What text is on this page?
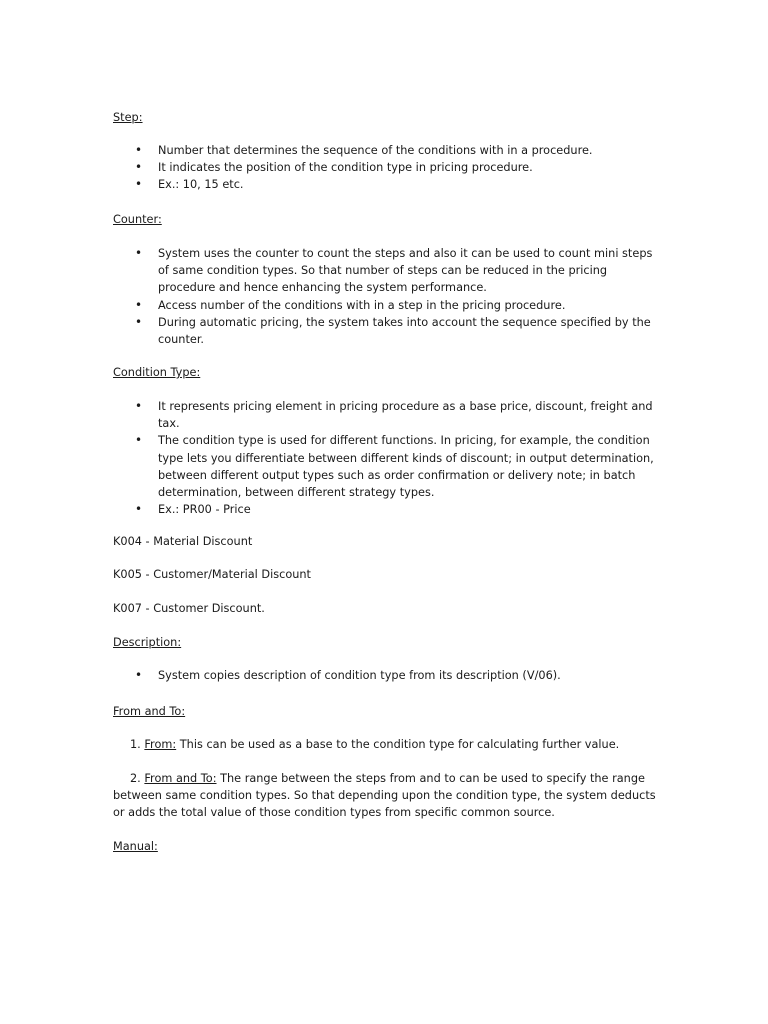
Step:
• Number that determines the sequence of the conditions with in a procedure.
• It indicates the position of the condition type in pricing procedure.
• Ex.: 10, 15 etc.
Counter:
• System uses the counter to count the steps and also it can be used to count mini steps of same condition types. So that number of steps can be reduced in the pricing procedure and hence enhancing the system performance.
• Access number of the conditions with in a step in the pricing procedure.
• During automatic pricing, the system takes into account the sequence specified by the counter.
Condition Type:
• It represents pricing element in pricing procedure as a base price, discount, freight and tax.
• The condition type is used for different functions. In pricing, for example, the condition type lets you differentiate between different kinds of discount; in output determination, between different output types such as order confirmation or delivery note; in batch determination, between different strategy types.
• Ex.: PR00 - Price
K004 - Material Discount
K005 - Customer/Material Discount
K007 - Customer Discount.
Description:
• System copies description of condition type from its description (V/06).
From and To:
1. From: This can be used as a base to the condition type for calculating further value.
2. From and To: The range between the steps from and to can be used to specify the range between same condition types. So that depending upon the condition type, the system deducts or adds the total value of those condition types from specific common source.
Manual:
